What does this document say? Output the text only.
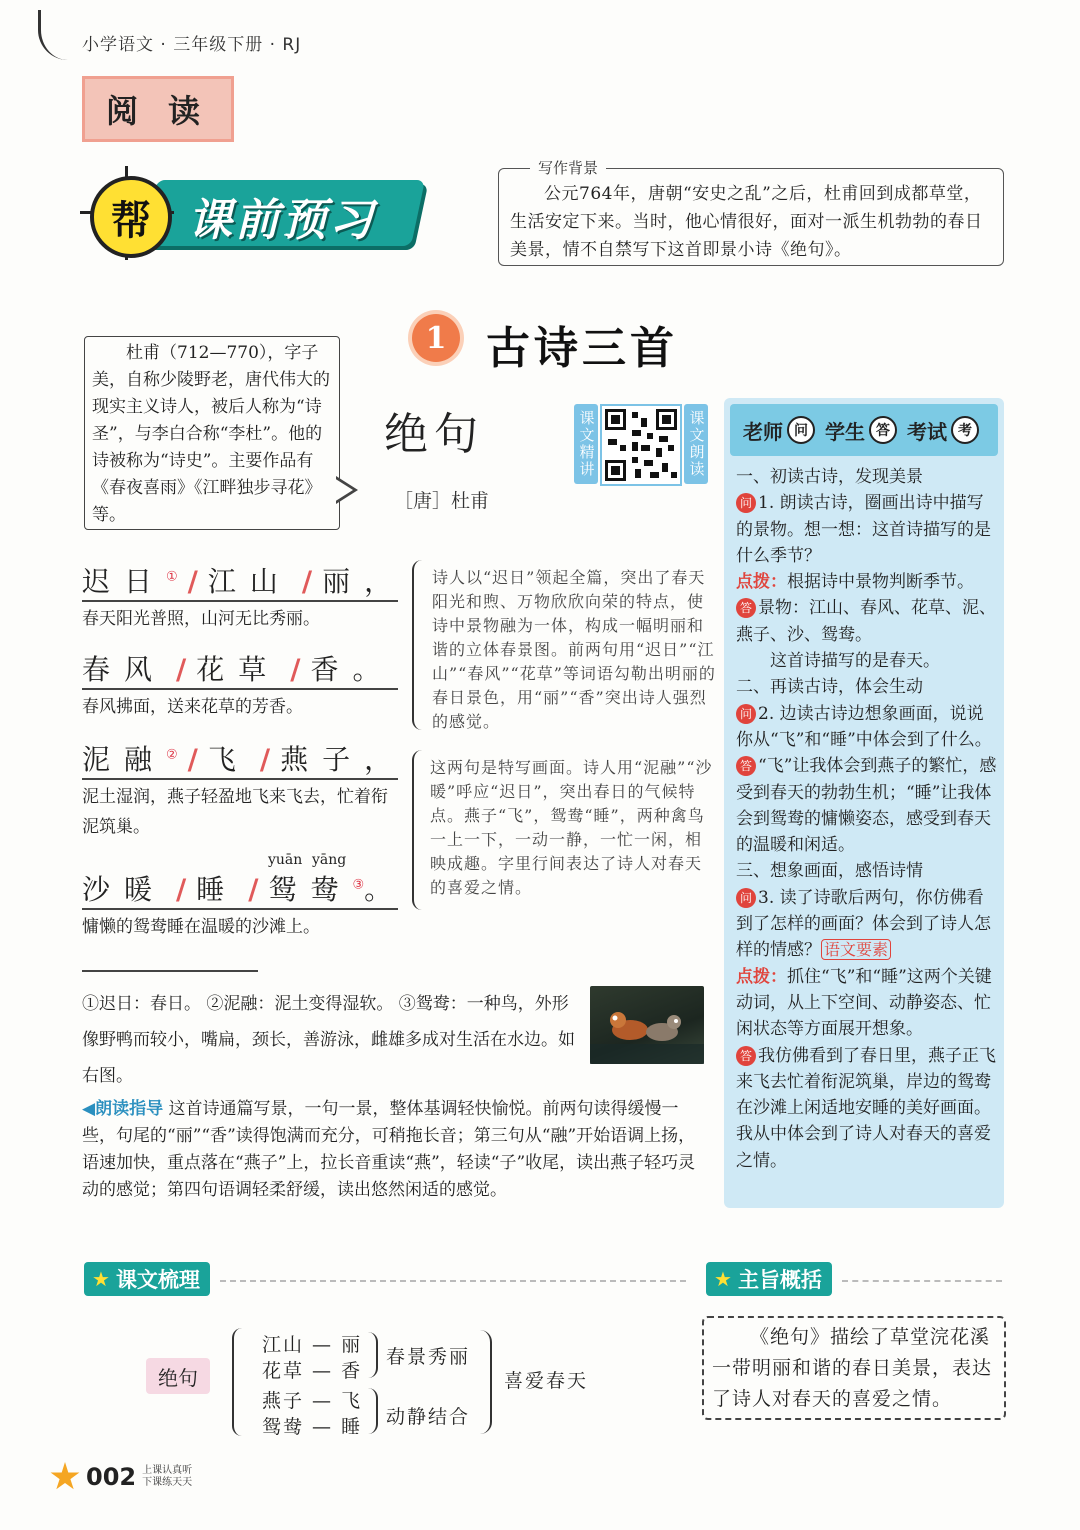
小学语文 · 三年级下册 · RJ
阅读
课前预习
帮
写作背景
公元764年，唐朝“安史之乱”之后，杜甫回到成都草堂，生活安定下来。当时，他心情很好，面对一派生机勃勃的春日美景，情不自禁写下这首即景小诗《绝句》。
1 古诗三首
杜甫（712—770），字子美，自称少陵野老，唐代伟大的现实主义诗人，被后人称为“诗圣”，与李白合称“李杜”。他的诗被称为“诗史”。主要作品有《春夜喜雨》《江畔独步寻花》等。
绝句
［唐］杜甫
课文精讲	课文朗读
迟日① / 江山 / 丽，
春天阳光普照，山河无比秀丽。
春风 / 花草 / 香。
春风拂面，送来花草的芳香。
诗人以“迟日”领起全篇，突出了春天阳光和煦、万物欣欣向荣的特点，使诗中景物融为一体，构成一幅明丽和谐的立体春景图。前两句用“迟日”“江山”“春风”“花草”等词语勾勒出明丽的春日景色，用“丽”“香”突出诗人强烈的感觉。
泥融② / 飞 / 燕子，
泥土湿润，燕子轻盈地飞来飞去，忙着衔泥筑巢。
yuān yāng
沙暖 / 睡 / 鸳鸯③。
慵懒的鸳鸯睡在温暖的沙滩上。
这两句是特写画面。诗人用“泥融”“沙暖”呼应“迟日”，突出春日的气候特点。燕子“飞”，鸳鸯“睡”，两种禽鸟一上一下，一动一静，一忙一闲，相映成趣。字里行间表达了诗人对春天的喜爱之情。
老师 问 学生 答 考试 考

一、初读古诗，发现美景

问 1. 朗读古诗，圈画出诗中描写的景物。想一想：这首诗描写的是什么季节？

点拨：根据诗中景物判断季节。

答 景物：江山、春风、花草、泥、燕子、沙、鸳鸯。

这首诗描写的是春天。

二、再读古诗，体会生动

问 2. 边读古诗边想象画面，说说你从“飞”和“睡”中体会到了什么。

答 “飞”让我体会到燕子的繁忙，感受到春天的勃勃生机；“睡”让我体会到鸳鸯的慵懒姿态，感受到春天的温暖和闲适。

三、想象画面，感悟诗情

问 3. 读了诗歌后两句，你仿佛看到了怎样的画面？体会到了诗人怎样的情感？ 语文要素

点拨：抓住“飞”和“睡”这两个关键动词，从上下空间、动静姿态、忙闲状态等方面展开想象。

答 我仿佛看到了春日里，燕子正飞来飞去忙着衔泥筑巢，岸边的鸳鸯在沙滩上闲适地安睡的美好画面。我从中体会到了诗人对春天的喜爱之情。

①迟日：春日。 ②泥融：泥土变得湿软。 ③鸳鸯：一种鸟，外形像野鸭而较小，嘴扁，颈长，善游泳，雌雄多成对生活在水边。如右图。
◀朗读指导 这首诗通篇写景，一句一景，整体基调轻快愉悦。前两句读得缓慢一些，句尾的“丽”“香”读得饱满而充分，可稍拖长音；第三句从“融”开始语调上扬，语速加快，重点落在“燕子”上，拉长音重读“燕”，轻读“子”收尾，读出燕子轻巧灵动的感觉；第四句语调轻柔舒缓，读出悠然闲适的感觉。
★ 课文梳理
绝句
江山 — 丽
花草 — 香
燕子 — 飞
鸳鸯 — 睡
春景秀丽
动静结合
喜爱春天
★ 主旨概括
《绝句》描绘了草堂浣花溪一带明丽和谐的春日美景，表达了诗人对春天的喜爱之情。
002 上课认真听
下课练天天
